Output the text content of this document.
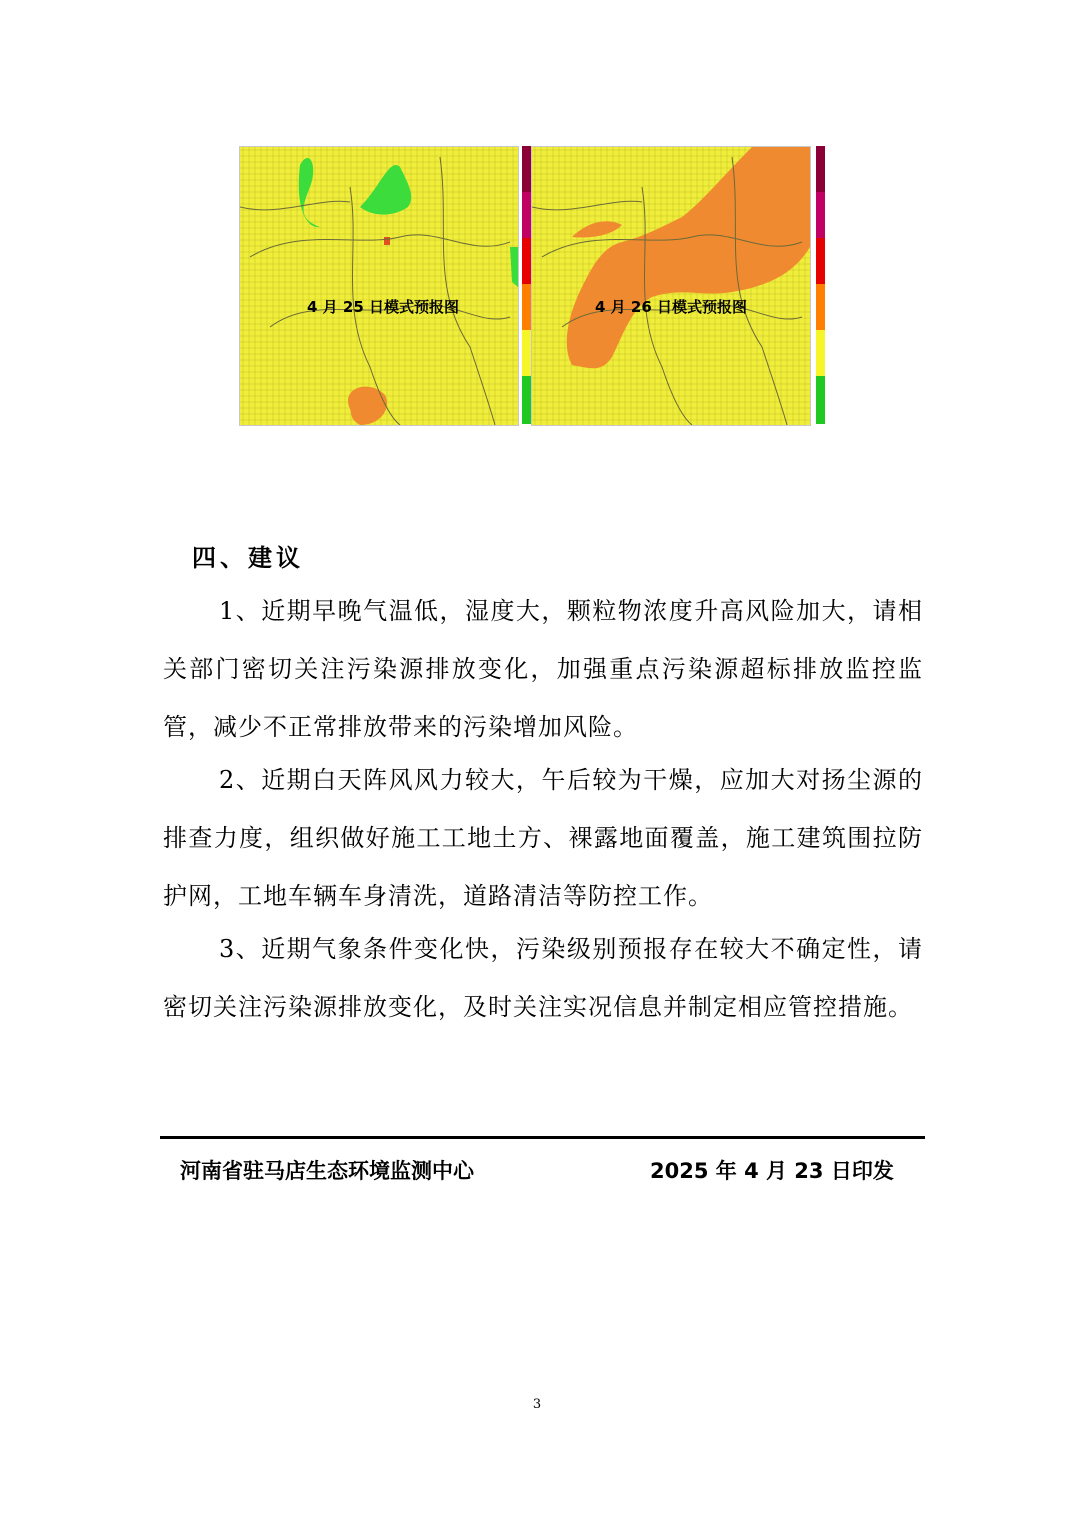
4 月 25 日模式预报图	4 月 26 日模式预报图
四、建议
1、近期早晚气温低，湿度大，颗粒物浓度升高风险加大，请相关部门密切关注污染源排放变化，加强重点污染源超标排放监控监管，减少不正常排放带来的污染增加风险。
2、近期白天阵风风力较大，午后较为干燥，应加大对扬尘源的排查力度，组织做好施工工地土方、裸露地面覆盖，施工建筑围拉防护网，工地车辆车身清洗，道路清洁等防控工作。
3、近期气象条件变化快，污染级别预报存在较大不确定性，请密切关注污染源排放变化，及时关注实况信息并制定相应管控措施。
河南省驻马店生态环境监测中心	2025 年 4 月 23 日印发
3
